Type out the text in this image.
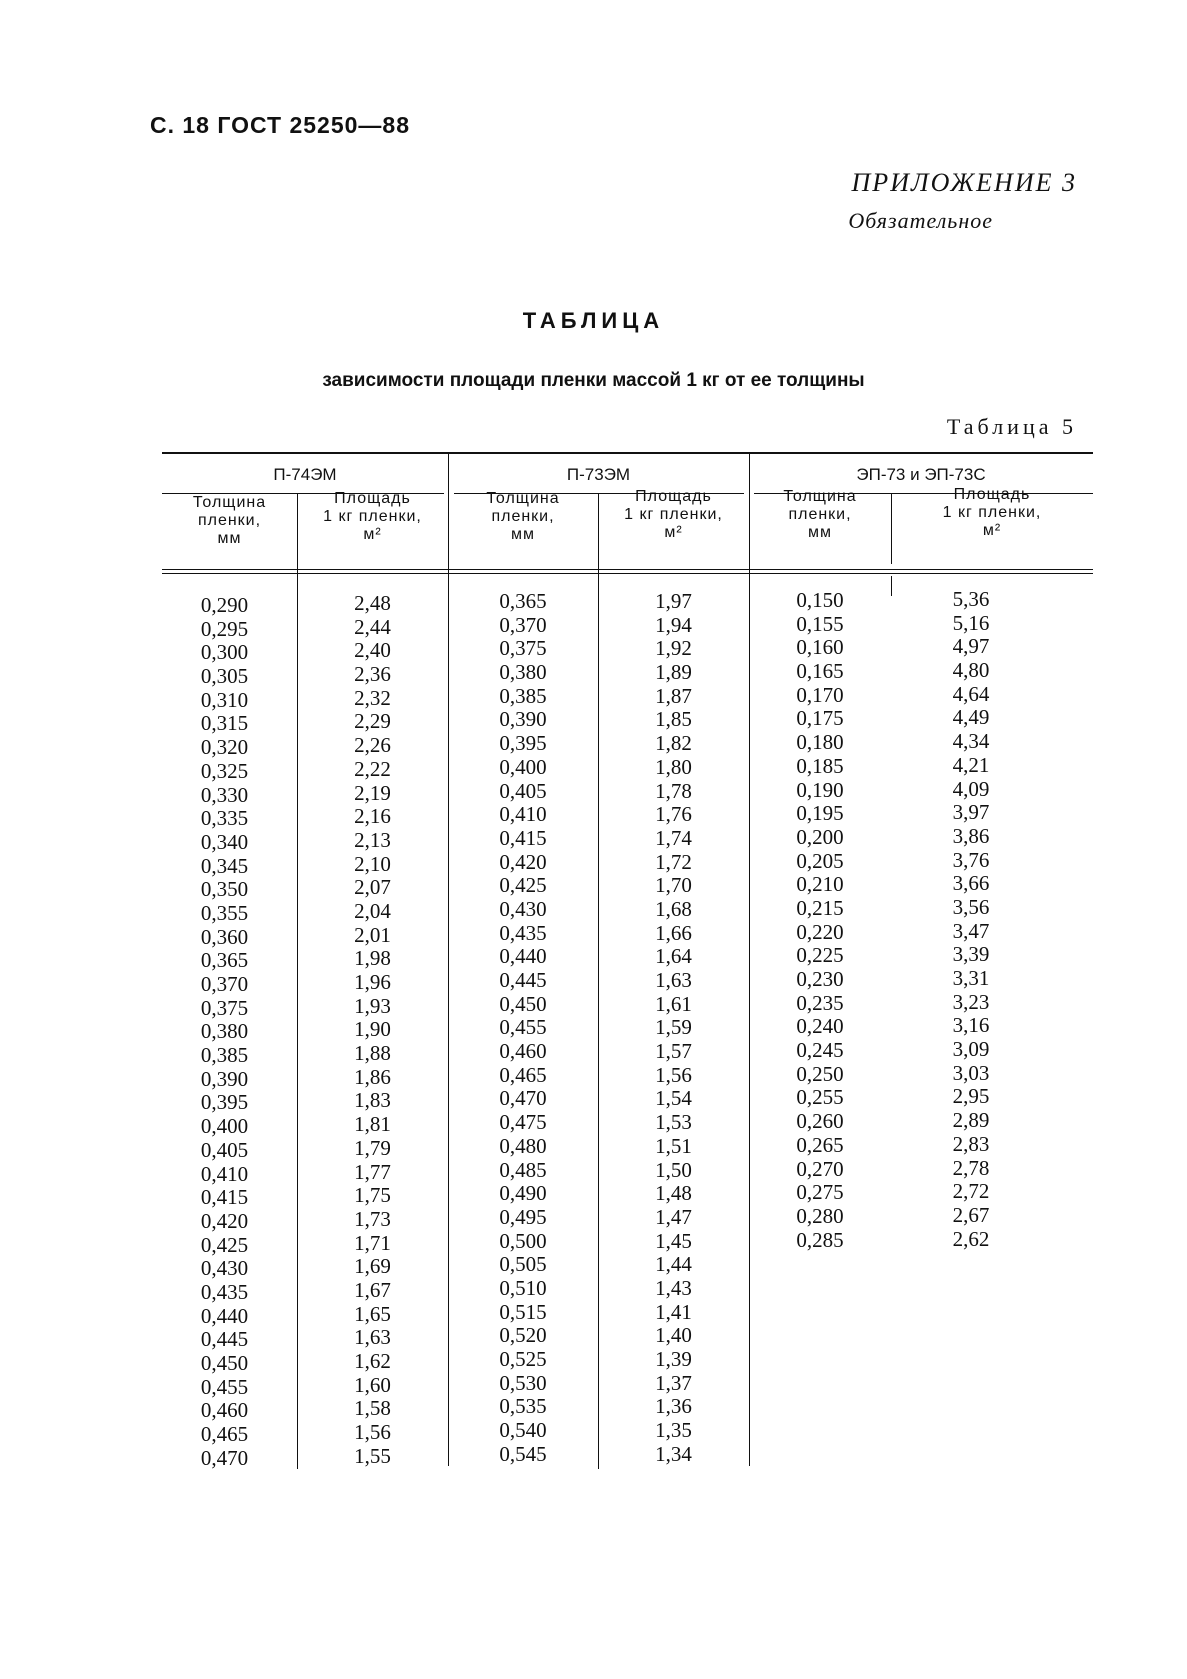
С. 18 ГОСТ 25250—88
ПРИЛОЖЕНИЕ 3
Обязательное
ТАБЛИЦА
зависимости площади пленки массой 1 кг от ее толщины
Таблица 5
П-74ЭМ	П-73ЭМ	ЭП-73 и ЭП-73С
Толщина
пленки,
мм
Площадь
1 кг пленки,
м²
Толщина
пленки,
мм
Площадь
1 кг пленки,
м²
Толщина
пленки,
мм
Площадь
1 кг пленки,
м²
0,290
0,295
0,300
0,305
0,310
0,315
0,320
0,325
0,330
0,335
0,340
0,345
0,350
0,355
0,360
0,365
0,370
0,375
0,380
0,385
0,390
0,395
0,400
0,405
0,410
0,415
0,420
0,425
0,430
0,435
0,440
0,445
0,450
0,455
0,460
0,465
0,470
2,48
2,44
2,40
2,36
2,32
2,29
2,26
2,22
2,19
2,16
2,13
2,10
2,07
2,04
2,01
1,98
1,96
1,93
1,90
1,88
1,86
1,83
1,81
1,79
1,77
1,75
1,73
1,71
1,69
1,67
1,65
1,63
1,62
1,60
1,58
1,56
1,55
0,365
0,370
0,375
0,380
0,385
0,390
0,395
0,400
0,405
0,410
0,415
0,420
0,425
0,430
0,435
0,440
0,445
0,450
0,455
0,460
0,465
0,470
0,475
0,480
0,485
0,490
0,495
0,500
0,505
0,510
0,515
0,520
0,525
0,530
0,535
0,540
0,545
1,97
1,94
1,92
1,89
1,87
1,85
1,82
1,80
1,78
1,76
1,74
1,72
1,70
1,68
1,66
1,64
1,63
1,61
1,59
1,57
1,56
1,54
1,53
1,51
1,50
1,48
1,47
1,45
1,44
1,43
1,41
1,40
1,39
1,37
1,36
1,35
1,34
0,150
0,155
0,160
0,165
0,170
0,175
0,180
0,185
0,190
0,195
0,200
0,205
0,210
0,215
0,220
0,225
0,230
0,235
0,240
0,245
0,250
0,255
0,260
0,265
0,270
0,275
0,280
0,285
5,36
5,16
4,97
4,80
4,64
4,49
4,34
4,21
4,09
3,97
3,86
3,76
3,66
3,56
3,47
3,39
3,31
3,23
3,16
3,09
3,03
2,95
2,89
2,83
2,78
2,72
2,67
2,62
